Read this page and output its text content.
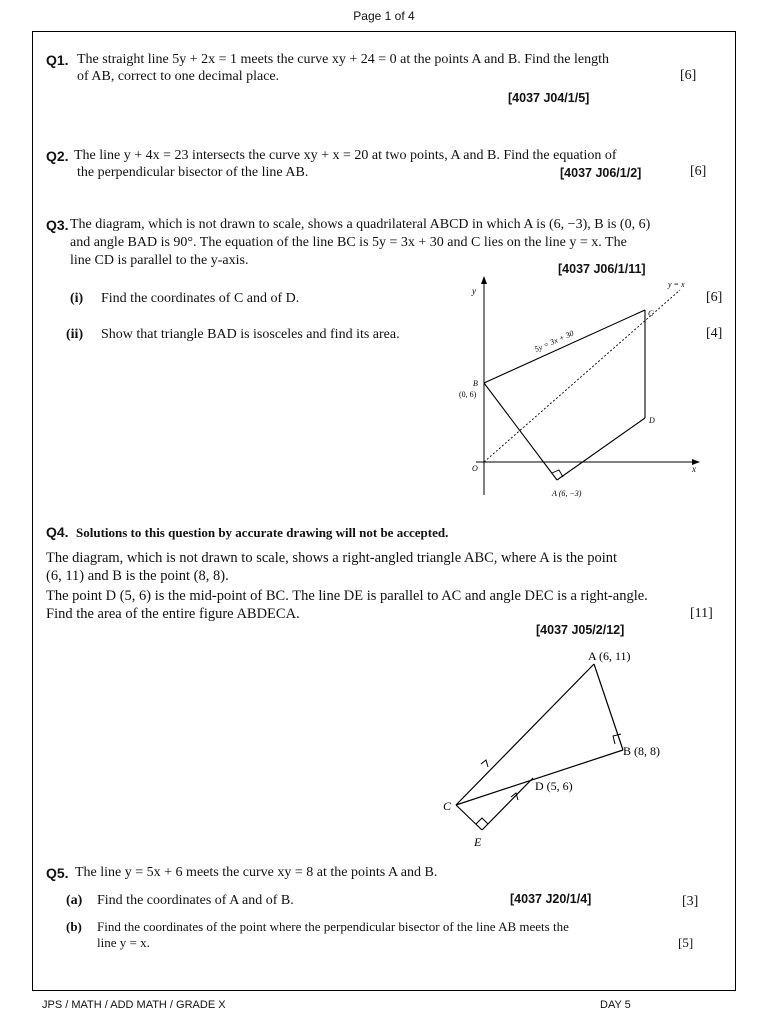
Page 1 of 4
Q1. The straight line 5y + 2x = 1 meets the curve xy + 24 = 0 at the points A and B. Find the length
of AB, correct to one decimal place.	[6]
[4037 J04/1/5]
Q2. The line y + 4x = 23 intersects the curve xy + x = 20 at two points, A and B. Find the equation of
the perpendicular bisector of the line AB.	[4037 J06/1/2]	[6]
Q3. The diagram, which is not drawn to scale, shows a quadrilateral ABCD in which A is (6, −3), B is (0, 6)
and angle BAD is 90°. The equation of the line BC is 5y = 3x + 30 and C lies on the line y = x. The
line CD is parallel to the y-axis.
[4037 J06/1/11]
(i) Find the coordinates of C and of D.	[6]
(ii) Show that triangle BAD is isosceles and find its area.	[4]
y
x
y = x
5y = 3x + 30
B
(0, 6)
C
D
O
A (6, −3)
Q4. Solutions to this question by accurate drawing will not be accepted.
The diagram, which is not drawn to scale, shows a right-angled triangle ABC, where A is the point
(6, 11) and B is the point (8, 8).
The point D (5, 6) is the mid-point of BC. The line DE is parallel to AC and angle DEC is a right-angle.
Find the area of the entire figure ABDECA.	[11]
[4037 J05/2/12]
A (6, 11)
B (8, 8)
D (5, 6)
C
E
Q5. The line y = 5x + 6 meets the curve xy = 8 at the points A and B.
(a) Find the coordinates of A and of B.	[4037 J20/1/4]	[3]
(b) Find the coordinates of the point where the perpendicular bisector of the line AB meets the
line y = x.	[5]
JPS / MATH / ADD MATH / GRADE X	DAY 5
